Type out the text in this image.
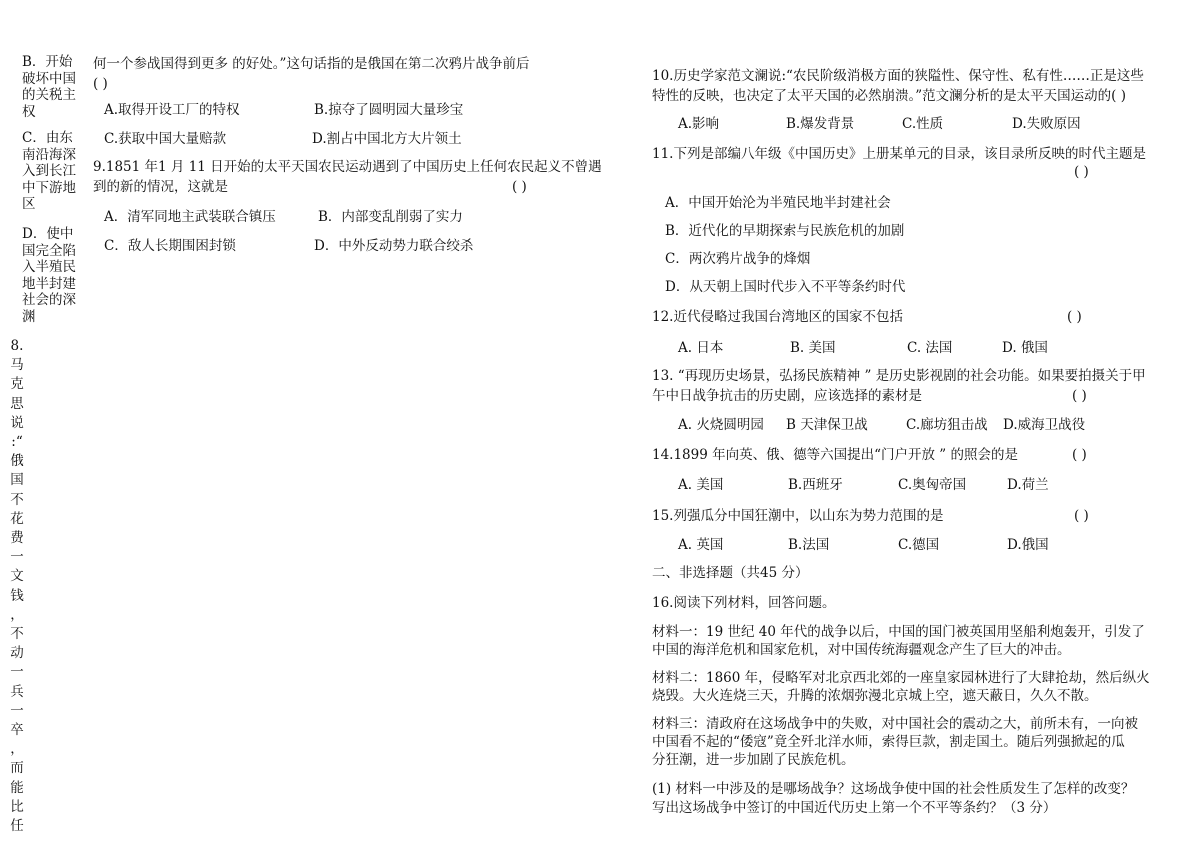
B．开始破坏中国的关税主权
C．由东南沿海深入到长江中下游地区
D．使中国完全陷入半殖民地半封建社会的深渊
8.
马
克
思
说
:“
俄
国
不
花
费
一
文
钱
，
不
动
一
兵
一
卒
，
而
能
比
任
何一个参战国得到更多 的好处。”这句话指的是俄国在第二次鸦片战争前后
( )
A.取得开设工厂的特权	B.掠夺了圆明园大量珍宝
C.获取中国大量赔款	D.割占中国北方大片领土
9.1851 年1 月 11 日开始的太平天国农民运动遇到了中国历史上任何农民起义不曾遇
到的新的情况，这就是	( )
A．清军同地主武装联合镇压	B．内部变乱削弱了实力
C．敌人长期围困封锁	D．中外反动势力联合绞杀
10.历史学家范文澜说:“农民阶级消极方面的狭隘性、保守性、私有性……正是这些
特性的反映，也决定了太平天国的必然崩溃。”范文澜分析的是太平天国运动的( )
A.影响	B.爆发背景	C.性质	D.失败原因
11.下列是部编八年级《中国历史》上册某单元的目录，该目录所反映的时代主题是
( )
A．中国开始沦为半殖民地半封建社会
B．近代化的早期探索与民族危机的加剧
C．两次鸦片战争的烽烟
D．从天朝上国时代步入不平等条约时代
12.近代侵略过我国台湾地区的国家不包括	( )
A. 日本	B. 美国	C. 法国	D. 俄国
13. “再现历史场景，弘扬民族精神 ” 是历史影视剧的社会功能。如果要拍摄关于甲
午中日战争抗击的历史剧，应该选择的素材是	( )
A. 火烧圆明园 B 天津保卫战	C.廊坊狙击战 D.威海卫战役
14.1899 年向英、俄、德等六国提出“门户开放 ” 的照会的是	( )
A. 美国	B.西班牙	C.奥匈帝国	D.荷兰
15.列强瓜分中国狂潮中，以山东为势力范围的是	( )
A. 英国	B.法国	C.德国	D.俄国
二、非选择题（共45 分）
16.阅读下列材料，回答问题。
材料一：19 世纪 40 年代的战争以后，中国的国门被英国用坚船利炮轰开，引发了
中国的海洋危机和国家危机，对中国传统海疆观念产生了巨大的冲击。
材料二：1860 年，侵略军对北京西北郊的一座皇家园林进行了大肆抢劫，然后纵火
烧毁。大火连烧三天，升腾的浓烟弥漫北京城上空，遮天蔽日，久久不散。
材料三：清政府在这场战争中的失败，对中国社会的震动之大，前所未有，一向被
中国看不起的“倭寇”竟全歼北洋水师，索得巨款，割走国土。随后列强掀起的瓜
分狂潮，进一步加剧了民族危机。
(1) 材料一中涉及的是哪场战争？这场战争使中国的社会性质发生了怎样的改变？
写出这场战争中签订的中国近代历史上第一个不平等条约？（3 分）
